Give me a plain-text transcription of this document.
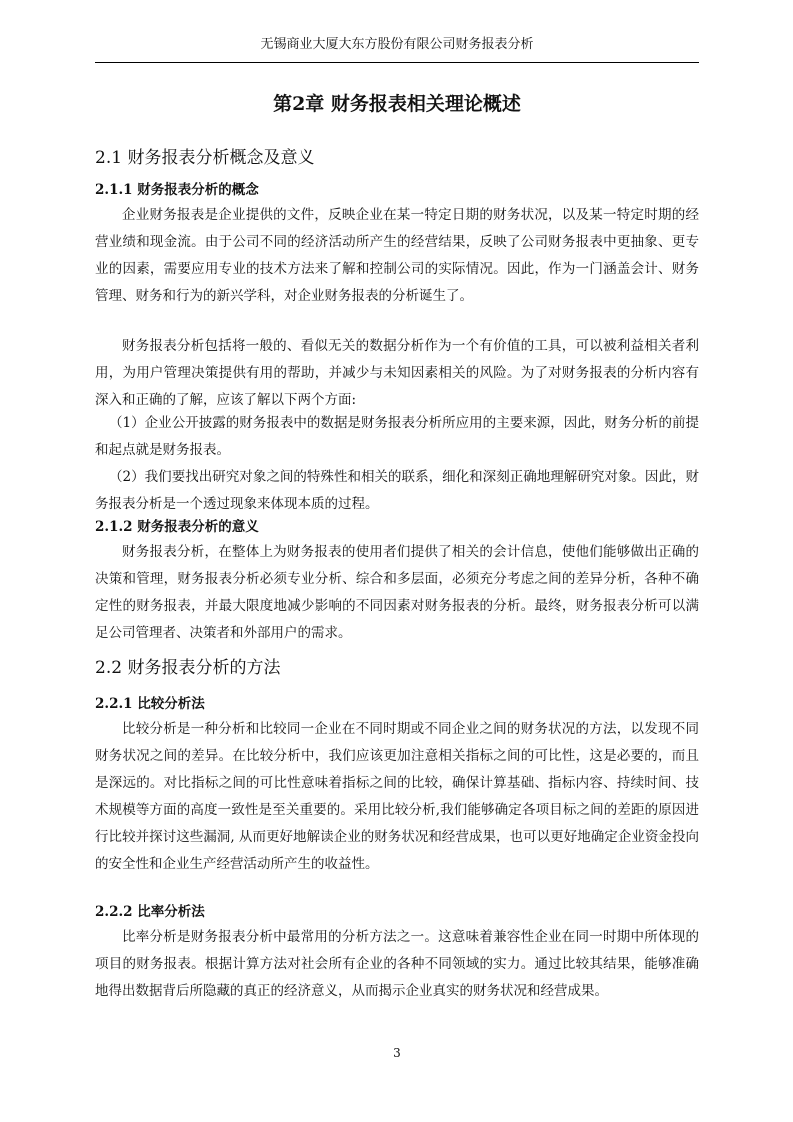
无锡商业大厦大东方股份有限公司财务报表分析
第2章 财务报表相关理论概述
2.1 财务报表分析概念及意义
2.1.1 财务报表分析的概念

企业财务报表是企业提供的文件，反映企业在某一特定日期的财务状况，以及某一特定时期的经营业绩和现金流。由于公司不同的经济活动所产生的经营结果，反映了公司财务报表中更抽象、更专业的因素，需要应用专业的技术方法来了解和控制公司的实际情况。因此，作为一门涵盖会计、财务管理、财务和行为的新兴学科，对企业财务报表的分析诞生了。

财务报表分析包括将一般的、看似无关的数据分析作为一个有价值的工具，可以被利益相关者利用，为用户管理决策提供有用的帮助，并减少与未知因素相关的风险。为了对财务报表的分析内容有深入和正确的了解，应该了解以下两个方面:

（1）企业公开披露的财务报表中的数据是财务报表分析所应用的主要来源，因此，财务分析的前提和起点就是财务报表。

（2）我们要找出研究对象之间的特殊性和相关的联系，细化和深刻正确地理解研究对象。因此，财务报表分析是一个透过现象来体现本质的过程。

2.1.2 财务报表分析的意义

财务报表分析，在整体上为财务报表的使用者们提供了相关的会计信息，使他们能够做出正确的决策和管理，财务报表分析必须专业分析、综合和多层面，必须充分考虑之间的差异分析，各种不确定性的财务报表，并最大限度地减少影响的不同因素对财务报表的分析。最终，财务报表分析可以满足公司管理者、决策者和外部用户的需求。

2.2 财务报表分析的方法
2.2.1 比较分析法

比较分析是一种分析和比较同一企业在不同时期或不同企业之间的财务状况的方法，以发现不同财务状况之间的差异。在比较分析中，我们应该更加注意相关指标之间的可比性，这是必要的，而且是深远的。对比指标之间的可比性意味着指标之间的比较，确保计算基础、指标内容、持续时间、技术规模等方面的高度一致性是至关重要的。采用比较分析,我们能够确定各项目标之间的差距的原因进行比较并探讨这些漏洞, 从而更好地解读企业的财务状况和经营成果，也可以更好地确定企业资金投向的安全性和企业生产经营活动所产生的收益性。

2.2.2 比率分析法

比率分析是财务报表分析中最常用的分析方法之一。这意味着兼容性企业在同一时期中所体现的项目的财务报表。根据计算方法对社会所有企业的各种不同领域的实力。通过比较其结果，能够准确地得出数据背后所隐藏的真正的经济意义，从而揭示企业真实的财务状况和经营成果。

3
